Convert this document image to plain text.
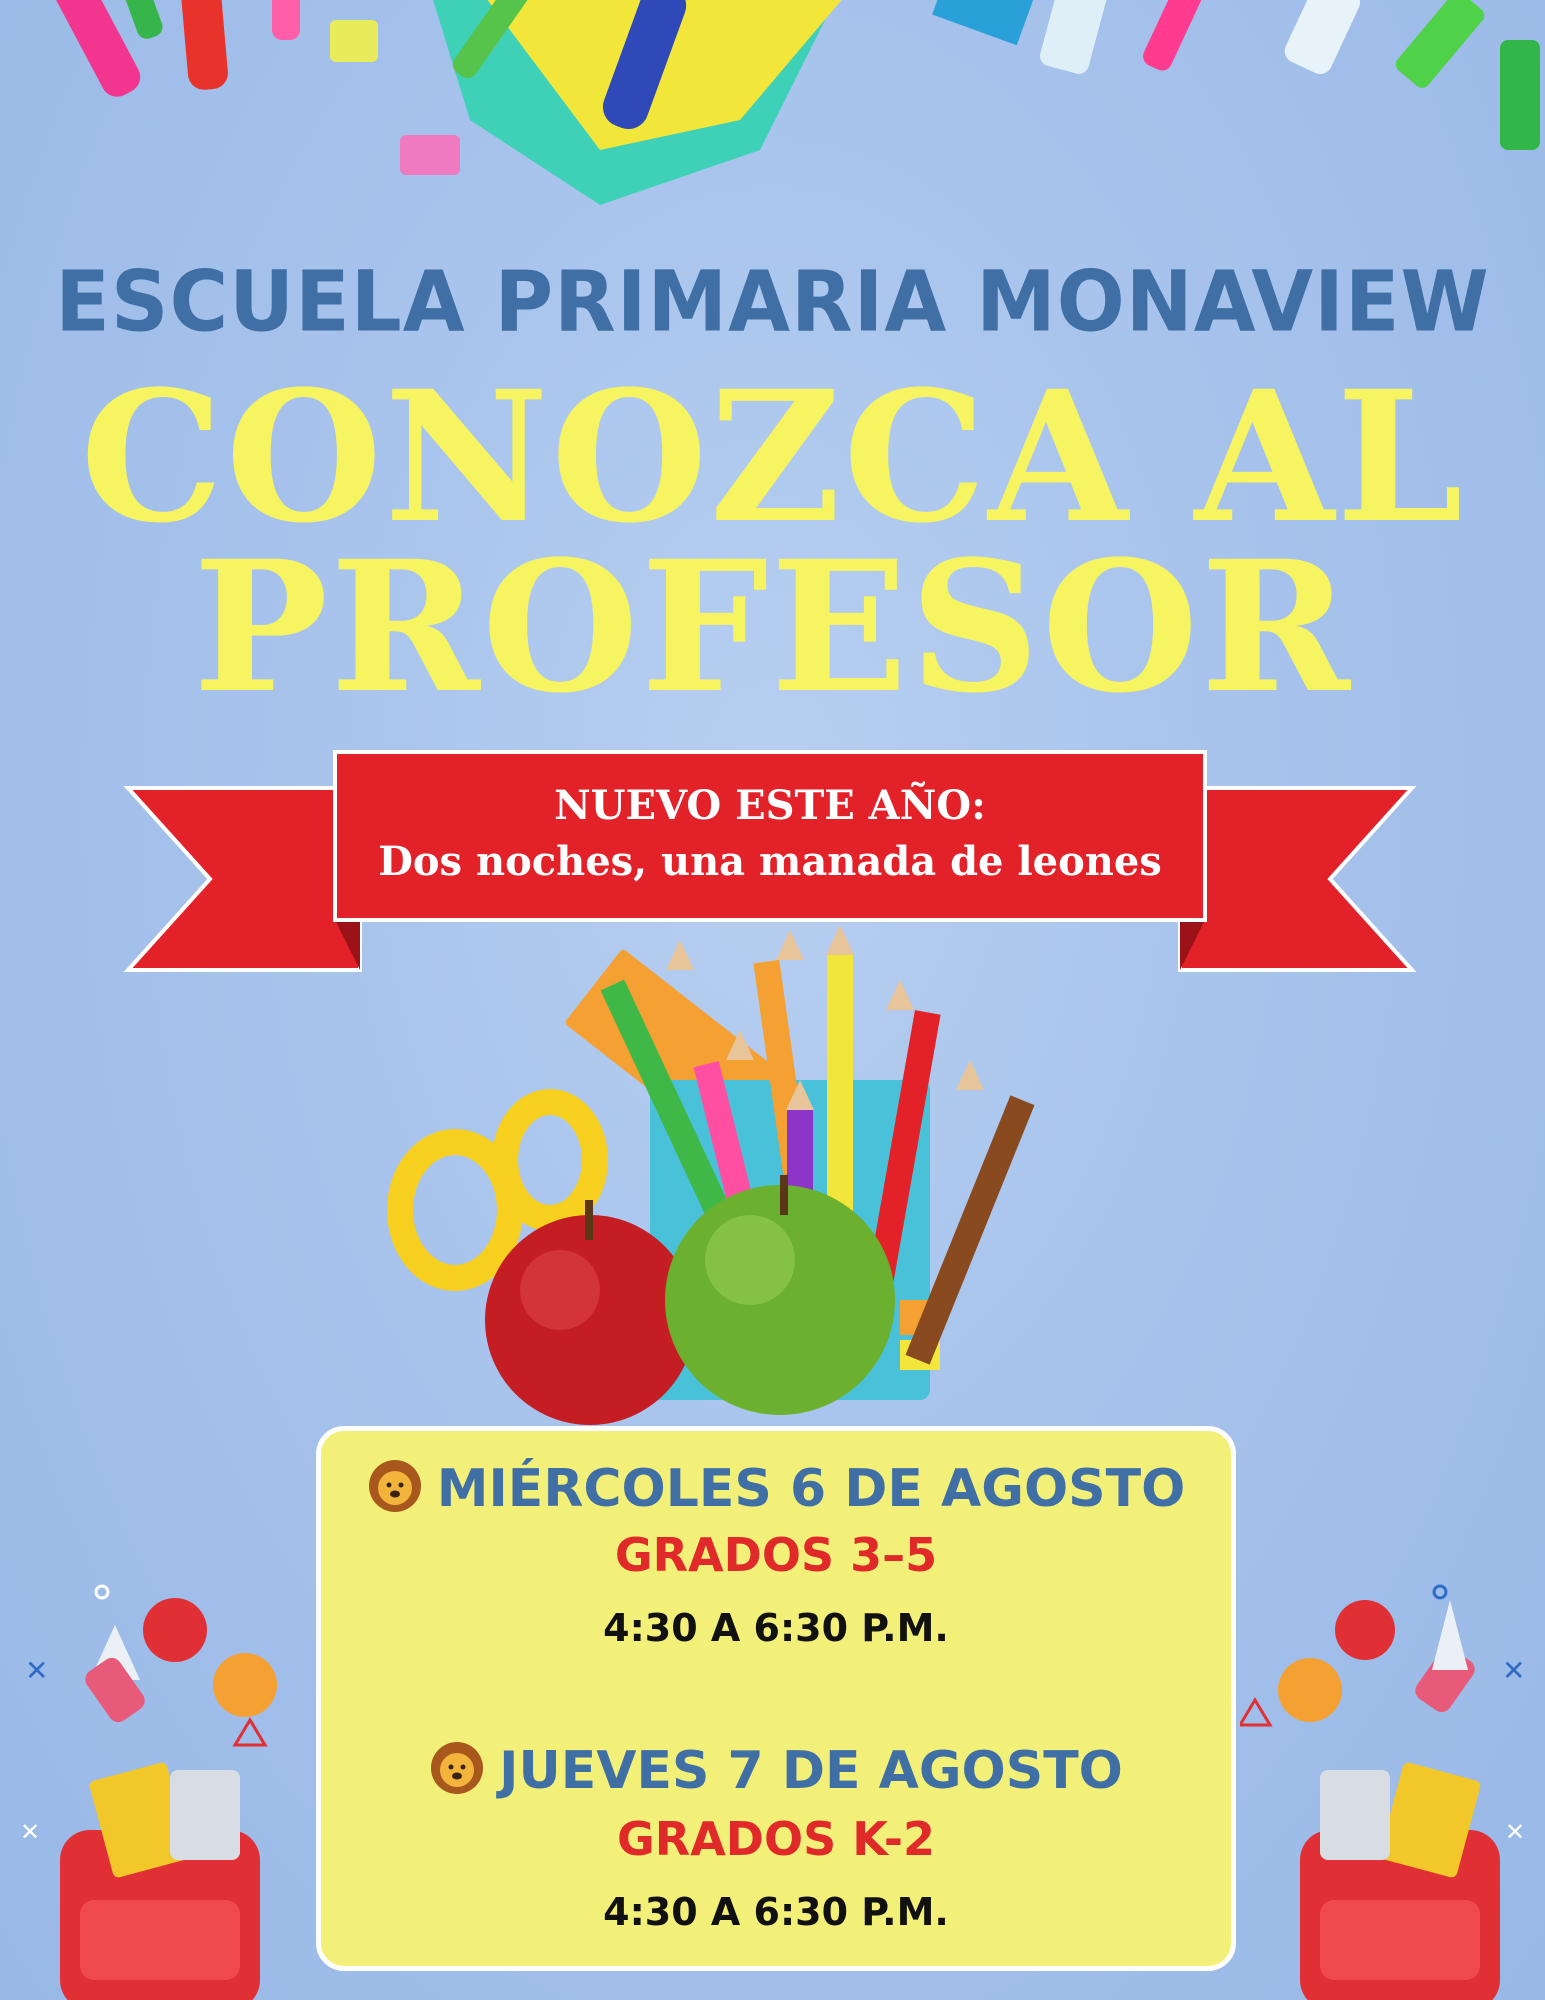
ESCUELA PRIMARIA MONAVIEW
CONOZCA AL
PROFESOR
NUEVO ESTE AÑO:
Dos noches, una manada de leones
✕
✕
✕
✕
MIÉRCOLES 6 DE AGOSTO
GRADOS 3–5
4:30 A 6:30 P.M.
JUEVES 7 DE AGOSTO
GRADOS K-2
4:30 A 6:30 P.M.
